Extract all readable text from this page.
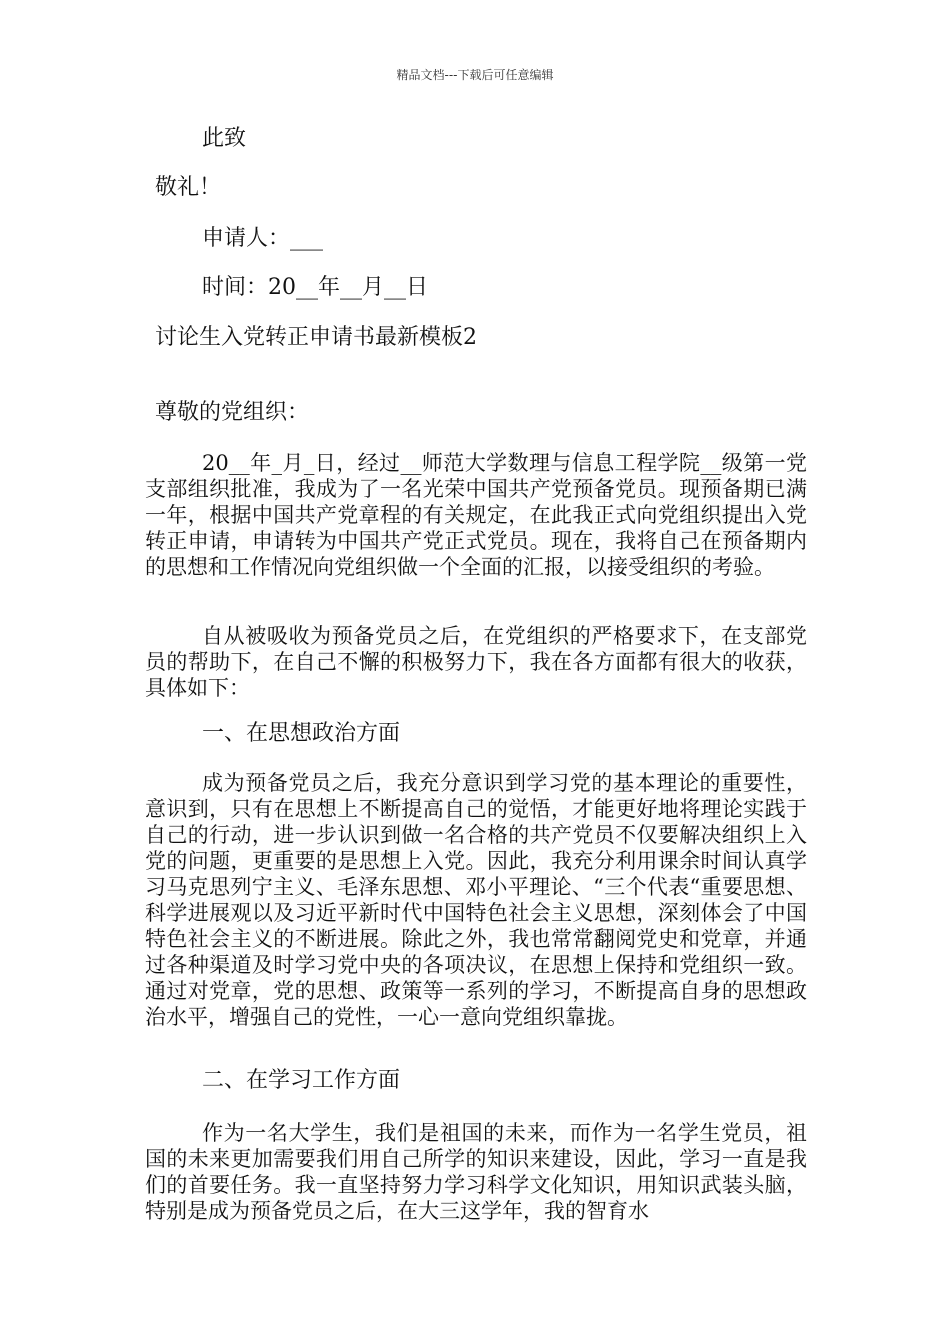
精品文档---下载后可任意编辑
此致
敬礼！
申请人：___
时间：20__年__月__日
讨论生入党转正申请书最新模板2
尊敬的党组织：

20__年_月_日，经过__师范大学数理与信息工程学院__级第一党支部组织批准，我成为了一名光荣中国共产党预备党员。现预备期已满一年，根据中国共产党章程的有关规定，在此我正式向党组织提出入党转正申请，申请转为中国共产党正式党员。现在，我将自己在预备期内的思想和工作情况向党组织做一个全面的汇报，以接受组织的考验。

自从被吸收为预备党员之后，在党组织的严格要求下，在支部党员的帮助下，在自己不懈的积极努力下，我在各方面都有很大的收获，具体如下：

一、在思想政治方面

成为预备党员之后，我充分意识到学习党的基本理论的重要性，意识到，只有在思想上不断提高自己的觉悟，才能更好地将理论实践于自己的行动，进一步认识到做一名合格的共产党员不仅要解决组织上入党的问题，更重要的是思想上入党。因此，我充分利用课余时间认真学习马克思列宁主义、毛泽东思想、邓小平理论、“三个代表“重要思想、科学进展观以及习近平新时代中国特色社会主义思想，深刻体会了中国特色社会主义的不断进展。除此之外，我也常常翻阅党史和党章，并通过各种渠道及时学习党中央的各项决议，在思想上保持和党组织一致。通过对党章，党的思想、政策等一系列的学习，不断提高自身的思想政治水平，增强自己的党性，一心一意向党组织靠拢。

二、在学习工作方面

作为一名大学生，我们是祖国的未来，而作为一名学生党员，祖国的未来更加需要我们用自己所学的知识来建设，因此，学习一直是我们的首要任务。我一直坚持努力学习科学文化知识，用知识武装头脑，特别是成为预备党员之后，在大三这学年，我的智育水
